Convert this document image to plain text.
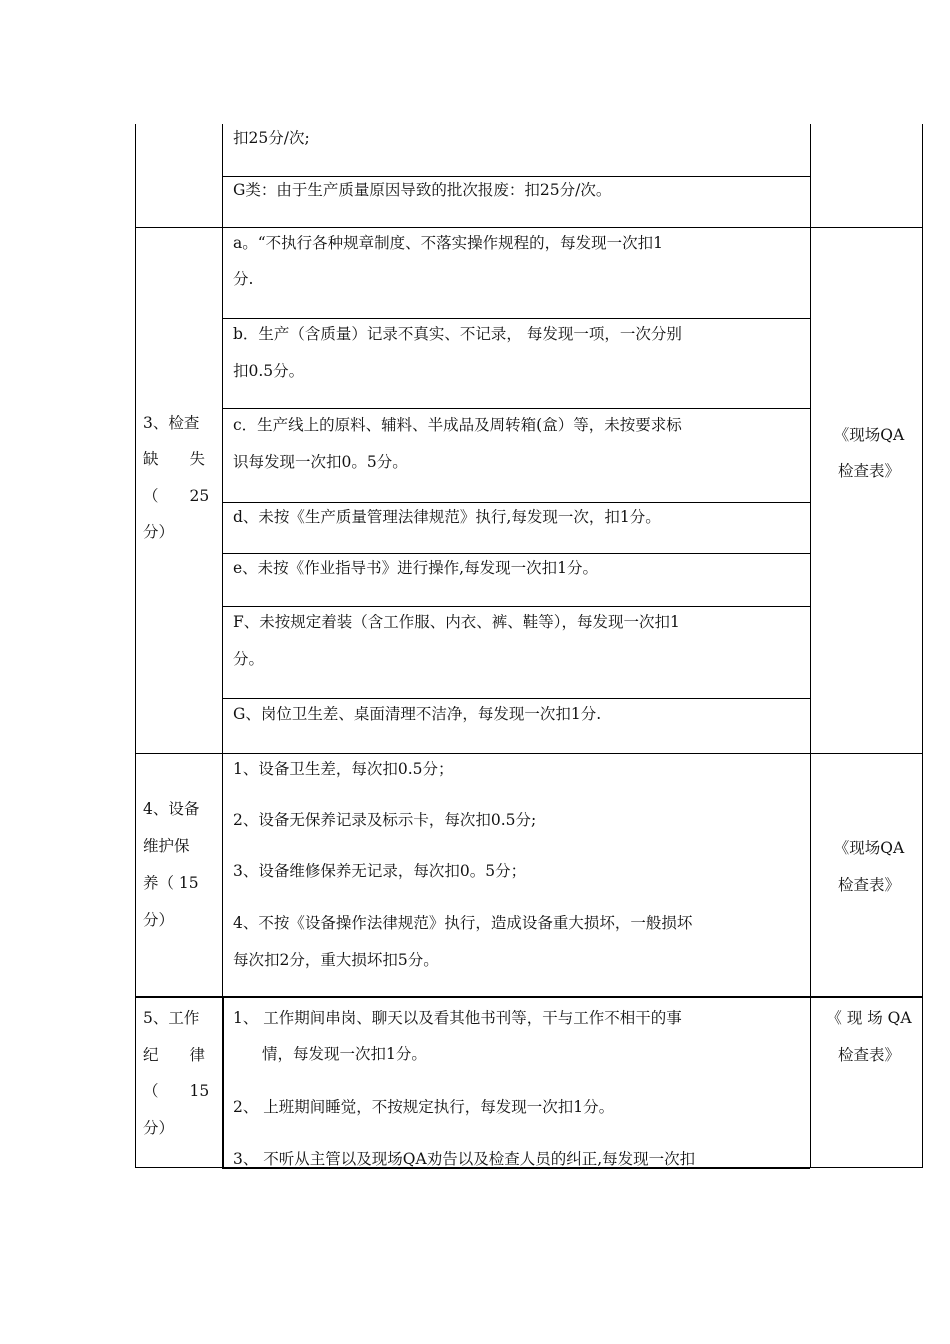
扣25分/次;
G类：由于生产质量原因导致的批次报废：扣25分/次。
3、检查
缺　　失
（　　25
分）
a。“不执行各种规章制度、不落实操作规程的，每发现一次扣1
分.
b．生产（含质量）记录不真实、不记录， 每发现一项，一次分别
扣0.5分。
c．生产线上的原料、辅料、半成品及周转箱(盒）等，未按要求标
识每发现一次扣0。5分。
d、未按《生产质量管理法律规范》执行,每发现一次，扣1分。
e、未按《作业指导书》进行操作,每发现一次扣1分。
F、未按规定着装（含工作服、内衣、裤、鞋等），每发现一次扣1
分。
G、岗位卫生差、桌面清理不洁净，每发现一次扣1分.
《现场QA
检查表》
4、设备
维护保
养（ 15
分）
1、设备卫生差，每次扣0.5分；
2、设备无保养记录及标示卡，每次扣0.5分;
3、设备维修保养无记录，每次扣0。5分；
4、不按《设备操作法律规范》执行，造成设备重大损坏，一般损坏
每次扣2分，重大损坏扣5分。
《现场QA
检查表》
5、工作
纪　　律
（　　15
分）
1、 工作期间串岗、聊天以及看其他书刊等，干与工作不相干的事
情，每发现一次扣1分。
2、 上班期间睡觉，不按规定执行，每发现一次扣1分。
3、 不听从主管以及现场QA劝告以及检查人员的纠正,每发现一次扣
《 现 场 QA
检查表》
